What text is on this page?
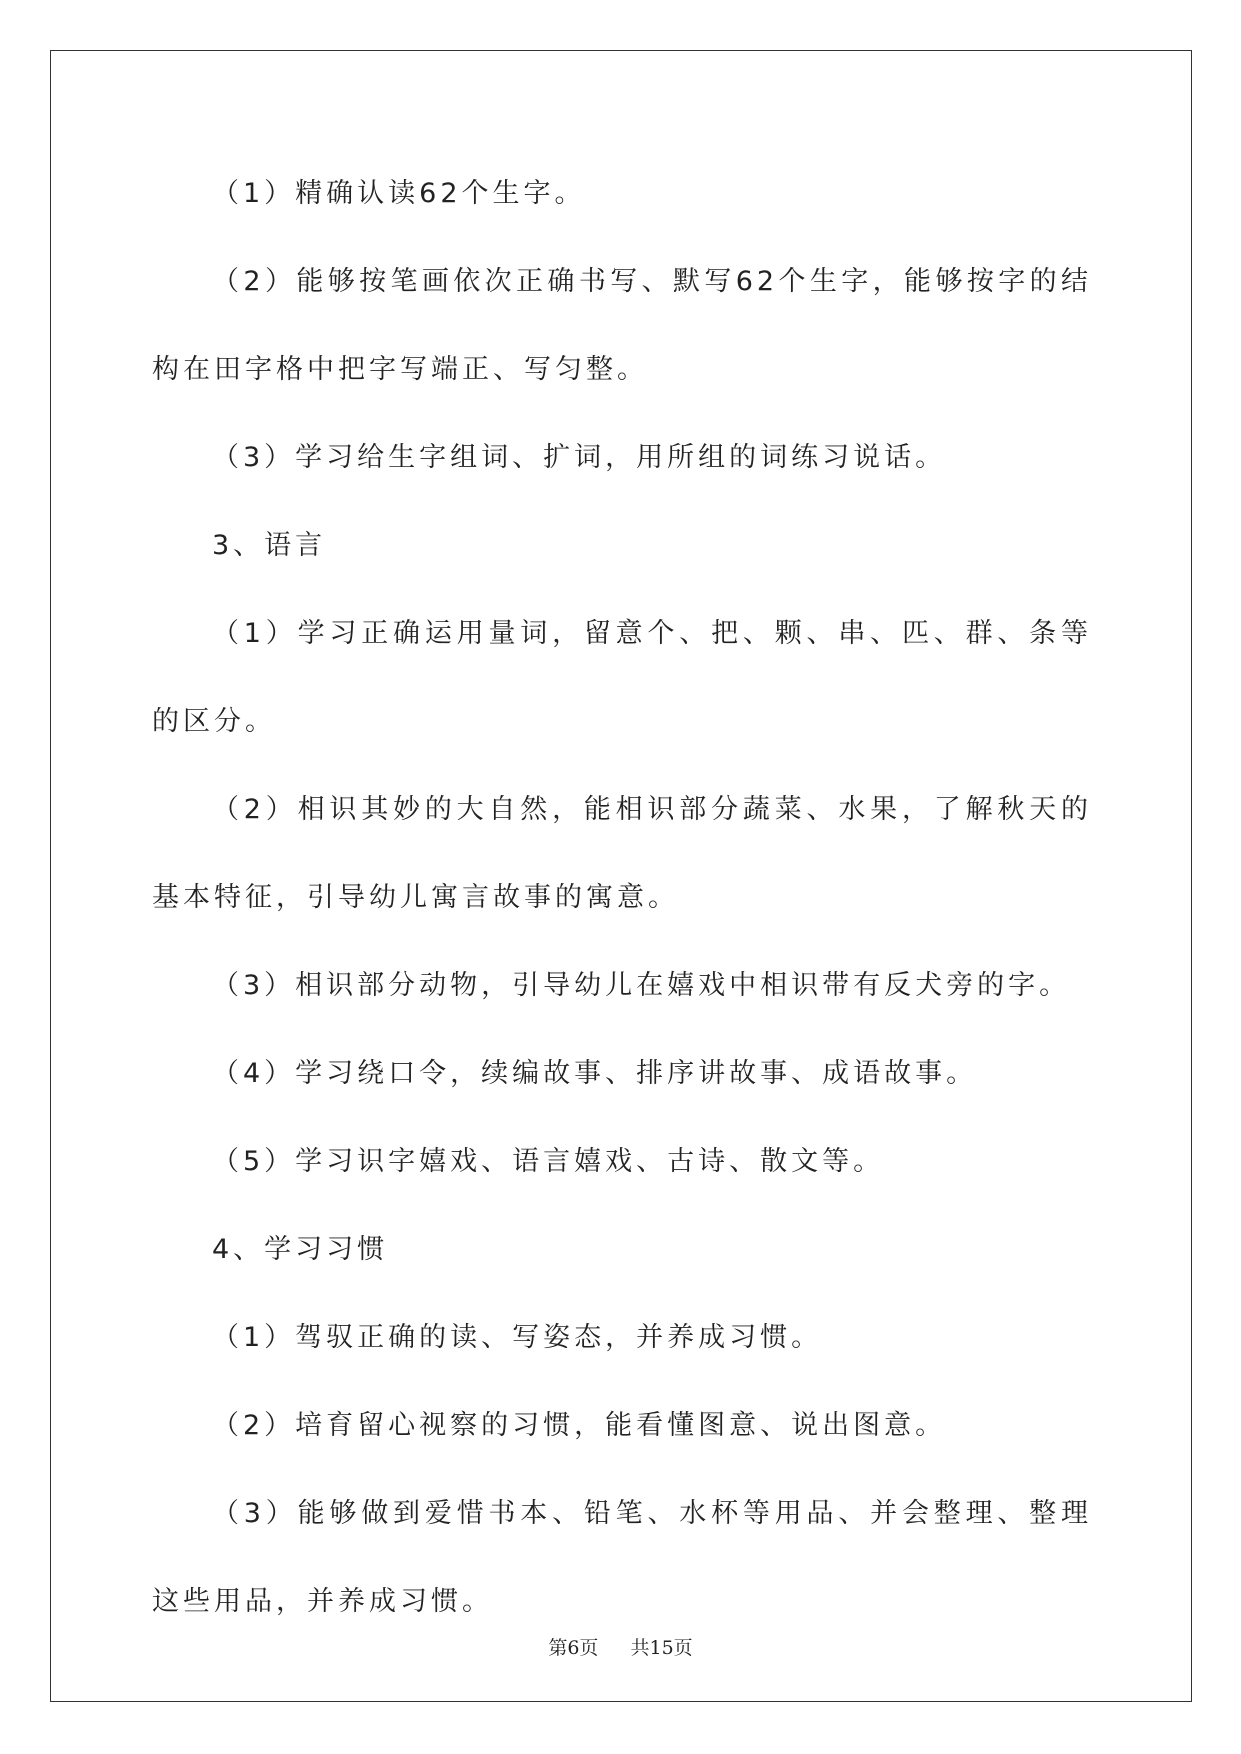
（1）精确认读62个生字。

（2）能够按笔画依次正确书写、默写62个生字，能够按字的结构在田字格中把字写端正、写匀整。

（3）学习给生字组词、扩词，用所组的词练习说话。

3、语言

（1）学习正确运用量词，留意个、把、颗、串、匹、群、条等的区分。

（2）相识其妙的大自然，能相识部分蔬菜、水果，了解秋天的基本特征，引导幼儿寓言故事的寓意。

（3）相识部分动物，引导幼儿在嬉戏中相识带有反犬旁的字。

（4）学习绕口令，续编故事、排序讲故事、成语故事。

（5）学习识字嬉戏、语言嬉戏、古诗、散文等。

4、学习习惯

（1）驾驭正确的读、写姿态，并养成习惯。

（2）培育留心视察的习惯，能看懂图意、说出图意。

（3）能够做到爱惜书本、铅笔、水杯等用品、并会整理、整理这些用品，并养成习惯。

第6页 共15页
